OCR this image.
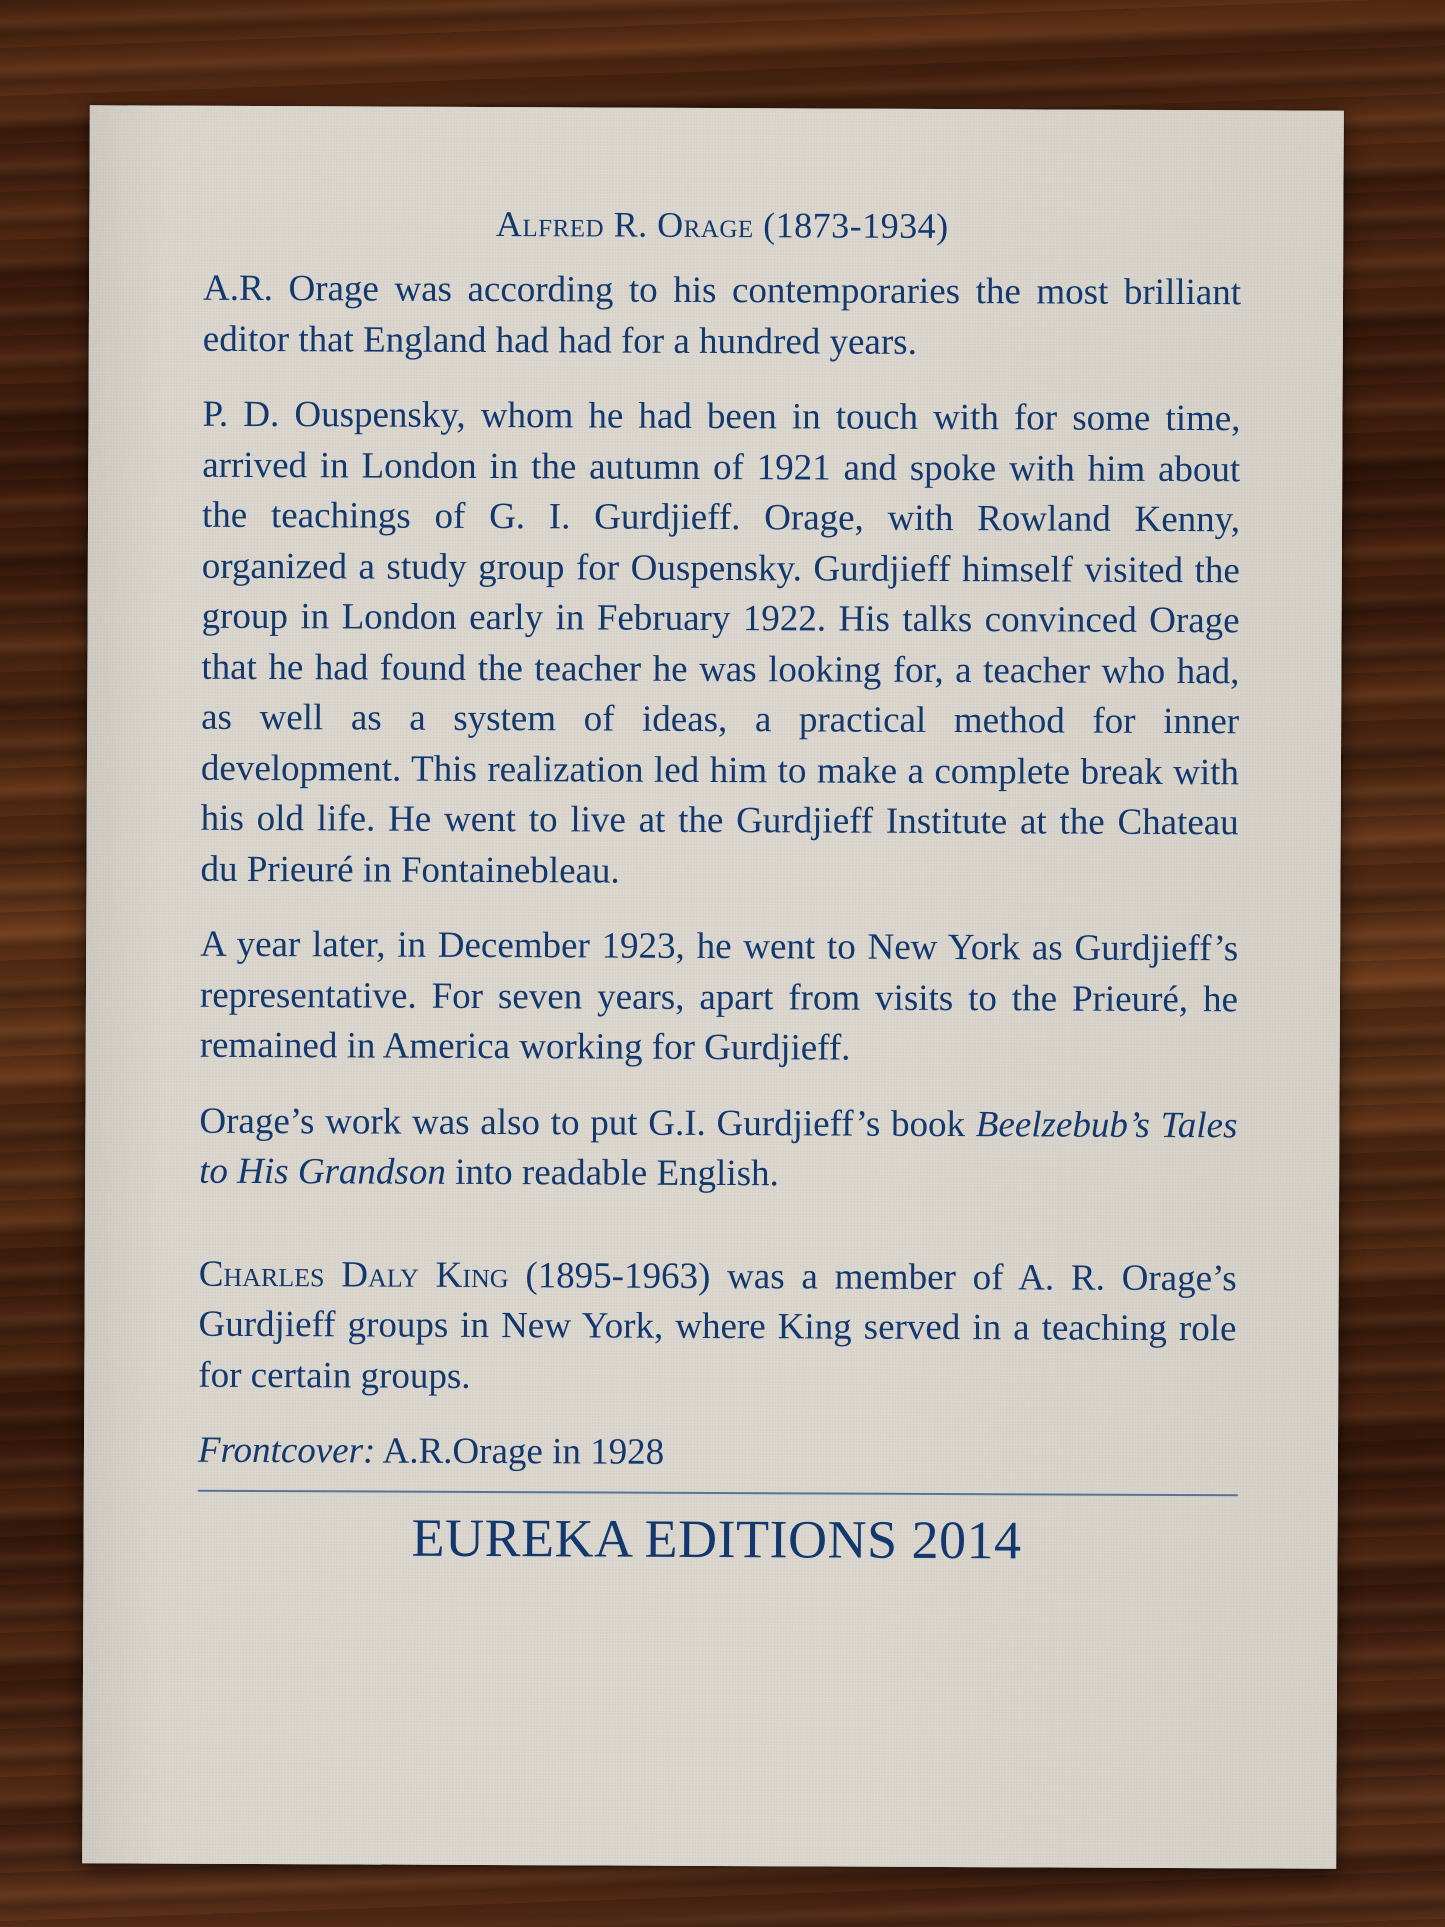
Alfred R. Orage (1873-1934)

A.R. Orage was according to his contemporaries the most brilliant editor that England had had for a hundred years.

P. D. Ouspensky, whom he had been in touch with for some time, arrived in London in the autumn of 1921 and spoke with him about the teachings of G. I. Gurdjieff. Orage, with Rowland Kenny, organized a study group for Ouspensky. Gurdjieff himself visited the group in London early in February 1922. His talks convinced Orage that he had found the teacher he was looking for, a teacher who had, as well as a system of ideas, a practical method for inner development. This realization led him to make a complete break with his old life. He went to live at the Gurdjieff Institute at the Chateau du Prieuré in Fontainebleau.

A year later, in December 1923, he went to New York as Gurdjieff’s representative. For seven years, apart from visits to the Prieuré, he remained in America working for Gurdjieff.

Orage’s work was also to put G.I. Gurdjieff’s book Beelzebub’s Tales to His Grandson into readable English.

Charles Daly King (1895-1963) was a member of A. R. Orage’s Gurdjieff groups in New York, where King served in a teaching role for certain groups.

Frontcover: A.R.Orage in 1928
EUREKA EDITIONS 2014
